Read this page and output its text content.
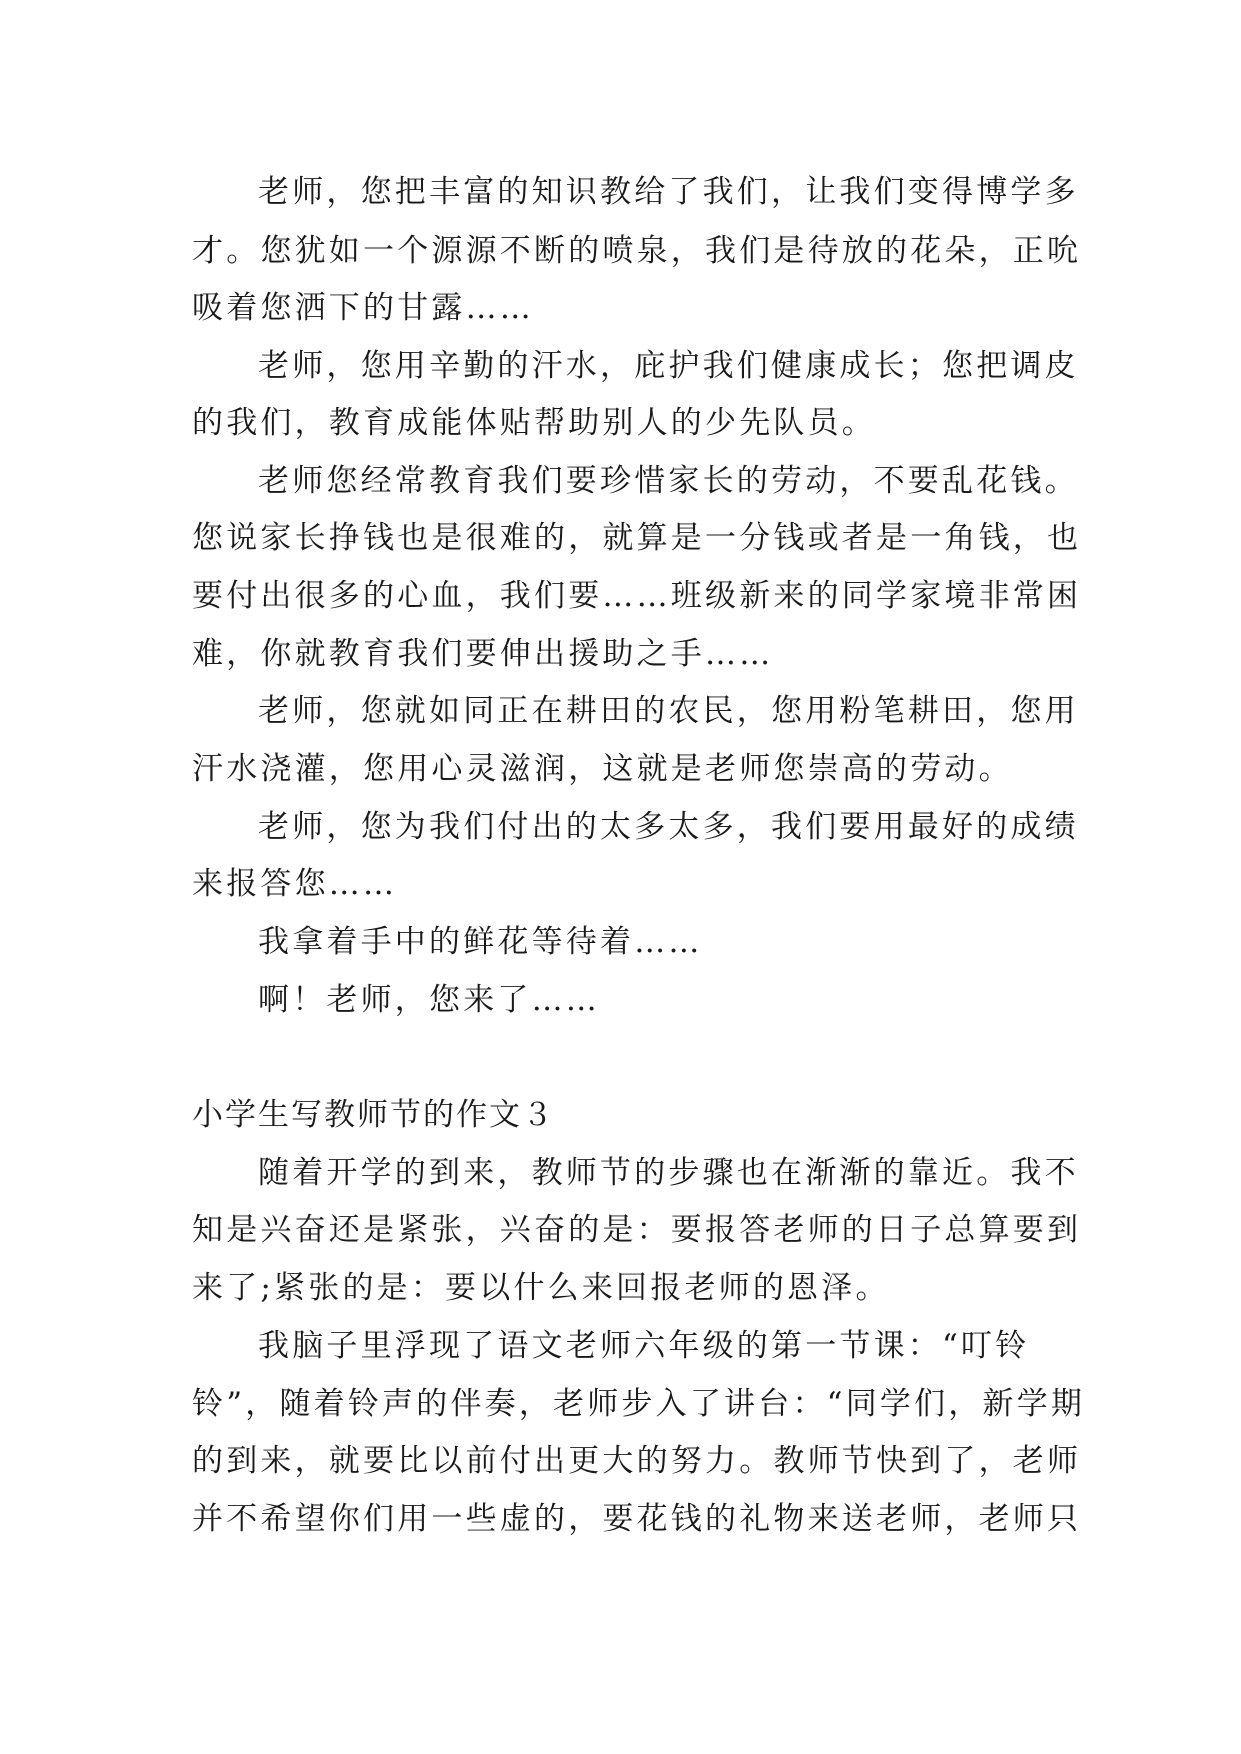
老师，您把丰富的知识教给了我们，让我们变得博学多
才。您犹如一个源源不断的喷泉，我们是待放的花朵，正吮
吸着您洒下的甘露……
老师，您用辛勤的汗水，庇护我们健康成长；您把调皮
的我们，教育成能体贴帮助别人的少先队员。
老师您经常教育我们要珍惜家长的劳动，不要乱花钱。
您说家长挣钱也是很难的，就算是一分钱或者是一角钱，也
要付出很多的心血，我们要……班级新来的同学家境非常困
难，你就教育我们要伸出援助之手……
老师，您就如同正在耕田的农民，您用粉笔耕田，您用
汗水浇灌，您用心灵滋润，这就是老师您崇高的劳动。
老师，您为我们付出的太多太多，我们要用最好的成绩
来报答您……
我拿着手中的鲜花等待着……
啊！老师，您来了……
小学生写教师节的作文３
随着开学的到来，教师节的步骤也在渐渐的靠近。我不
知是兴奋还是紧张，兴奋的是：要报答老师的日子总算要到
来了;紧张的是：要以什么来回报老师的恩泽。
我脑子里浮现了语文老师六年级的第一节课：“叮铃
铃”，随着铃声的伴奏，老师步入了讲台：“同学们，新学期
的到来，就要比以前付出更大的努力。教师节快到了，老师
并不希望你们用一些虚的，要花钱的礼物来送老师，老师只
